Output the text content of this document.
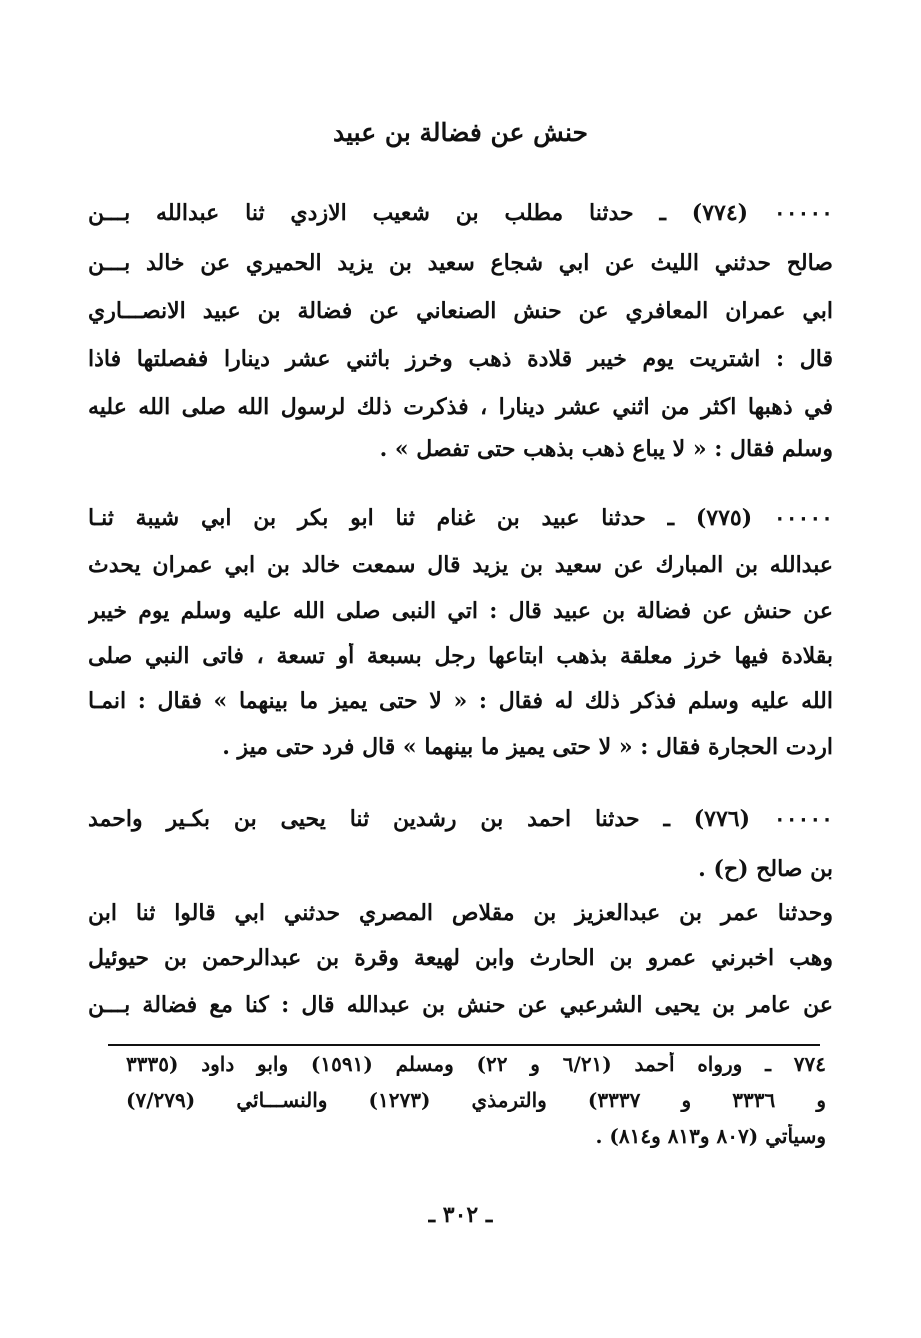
حنش عن فضالة بن عبيد
٠٠٠٠٠ (٧٧٤) ـ حدثنا مطلب بن شعيب الازدي ثنا عبدالله بـــن
صالح حدثني الليث عن ابي شجاع سعيد بن يزيد الحميري عن خالد بـــن
ابي عمران المعافري عن حنش الصنعاني عن فضالة بن عبيد الانصـــاري
قال : اشتريت يوم خيبر قلادة ذهب وخرز باثني عشر دينارا ففصلتها فاذا
في ذهبها اكثر من اثني عشر دينارا ، فذكرت ذلك لرسول الله صلى الله عليه
وسلم فقال : « لا يباع ذهب بذهب حتى تفصل » .
٠٠٠٠٠ (٧٧٥) ـ حدثنا عبيد بن غنام ثنا ابو بكر بن ابي شيبة ثنـا
عبدالله بن المبارك عن سعيد بن يزيد قال سمعت خالد بن ابي عمران يحدث
عن حنش عن فضالة بن عبيد قال : اتي النبى صلى الله عليه وسلم يوم خيبر
بقلادة فيها خرز معلقة بذهب ابتاعها رجل بسبعة أو تسعة ، فاتى النبي صلى
الله عليه وسلم فذكر ذلك له فقال : « لا حتى يميز ما بينهما » فقال : انمـا
اردت الحجارة فقال : « لا حتى يميز ما بينهما » قال فرد حتى ميز .
٠٠٠٠٠ (٧٧٦) ـ حدثنا احمد بن رشدين ثنا يحيى بن بكـير واحمد
بن صالح (ح) .
وحدثنا عمر بن عبدالعزيز بن مقلاص المصري حدثني ابي قالوا ثنا ابن
وهب اخبرني عمرو بن الحارث وابن لهيعة وقرة بن عبدالرحمن بن حيوئيل
عن عامر بن يحيى الشرعبي عن حنش بن عبدالله قال : كنا مع فضالة بـــن
٧٧٤ ـ ورواه أحمد (٦/٢١ و ٢٢) ومسلم (١٥٩١) وابو داود (٣٣٣٥
و ٣٣٣٦ و ٣٣٣٧) والترمذي (١٢٧٣) والنســـائي (٧/٢٧٩)
وسيأتي (٨٠٧ و٨١٣ و٨١٤) .
ـ ٣٠٢ ـ
